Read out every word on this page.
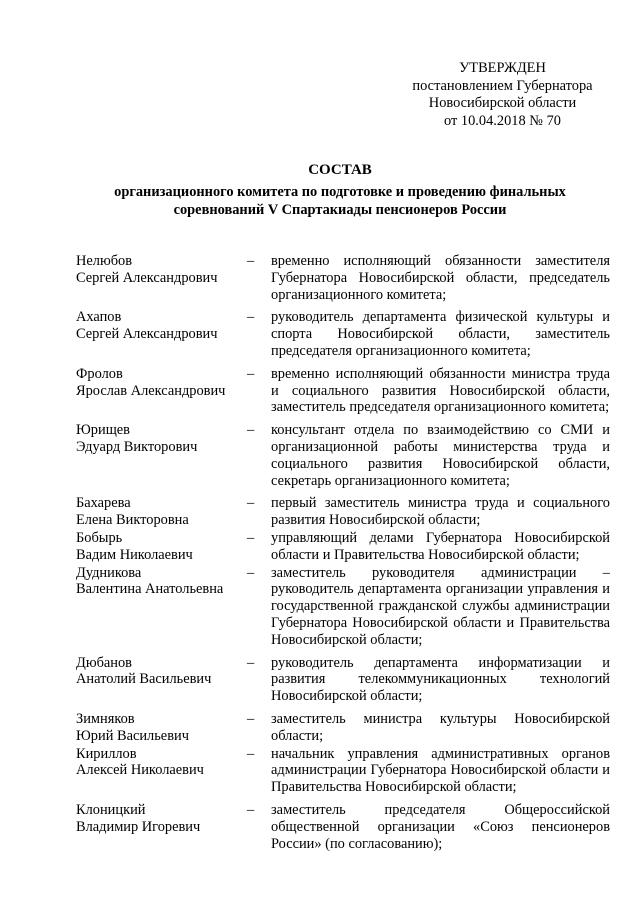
УТВЕРЖДЕН
постановлением Губернатора
Новосибирской области
от 10.04.2018 № 70
СОСТАВ
организационного комитета по подготовке и проведению финальных
соревнований V Спартакиады пенсионеров России
Нелюбов
Сергей Александрович
–	временно исполняющий обязанности заместителя Губернатора Новосибирской области, председатель организационного комитета;
Ахапов
Сергей Александрович
–	руководитель департамента физической культуры и спорта Новосибирской области, заместитель председателя организационного комитета;
Фролов
Ярослав Александрович
–	временно исполняющий обязанности министра труда и социального развития Новосибирской области, заместитель председателя организационного комитета;
Юрищев
Эдуард Викторович
–	консультант отдела по взаимодействию со СМИ и организационной работы министерства труда и социального развития Новосибирской области, секретарь организационного комитета;
Бахарева
Елена Викторовна
–	первый заместитель министра труда и социального развития Новосибирской области;
Бобырь
Вадим Николаевич
–	управляющий делами Губернатора Новосибирской области и Правительства Новосибирской области;
Дудникова
Валентина Анатольевна
–	заместитель руководителя администрации – руководитель департамента организации управления и государственной гражданской службы администрации Губернатора Новосибирской области и Правительства Новосибирской области;
Дюбанов
Анатолий Васильевич
–	руководитель департамента информатизации и развития телекоммуникационных технологий Новосибирской области;
Зимняков
Юрий Васильевич
–	заместитель министра культуры Новосибирской области;
Кириллов
Алексей Николаевич
–	начальник управления административных органов администрации Губернатора Новосибирской области и Правительства Новосибирской области;
Клоницкий
Владимир Игоревич
–	заместитель председателя Общероссийской общественной организации «Союз пенсионеров России» (по согласованию);
